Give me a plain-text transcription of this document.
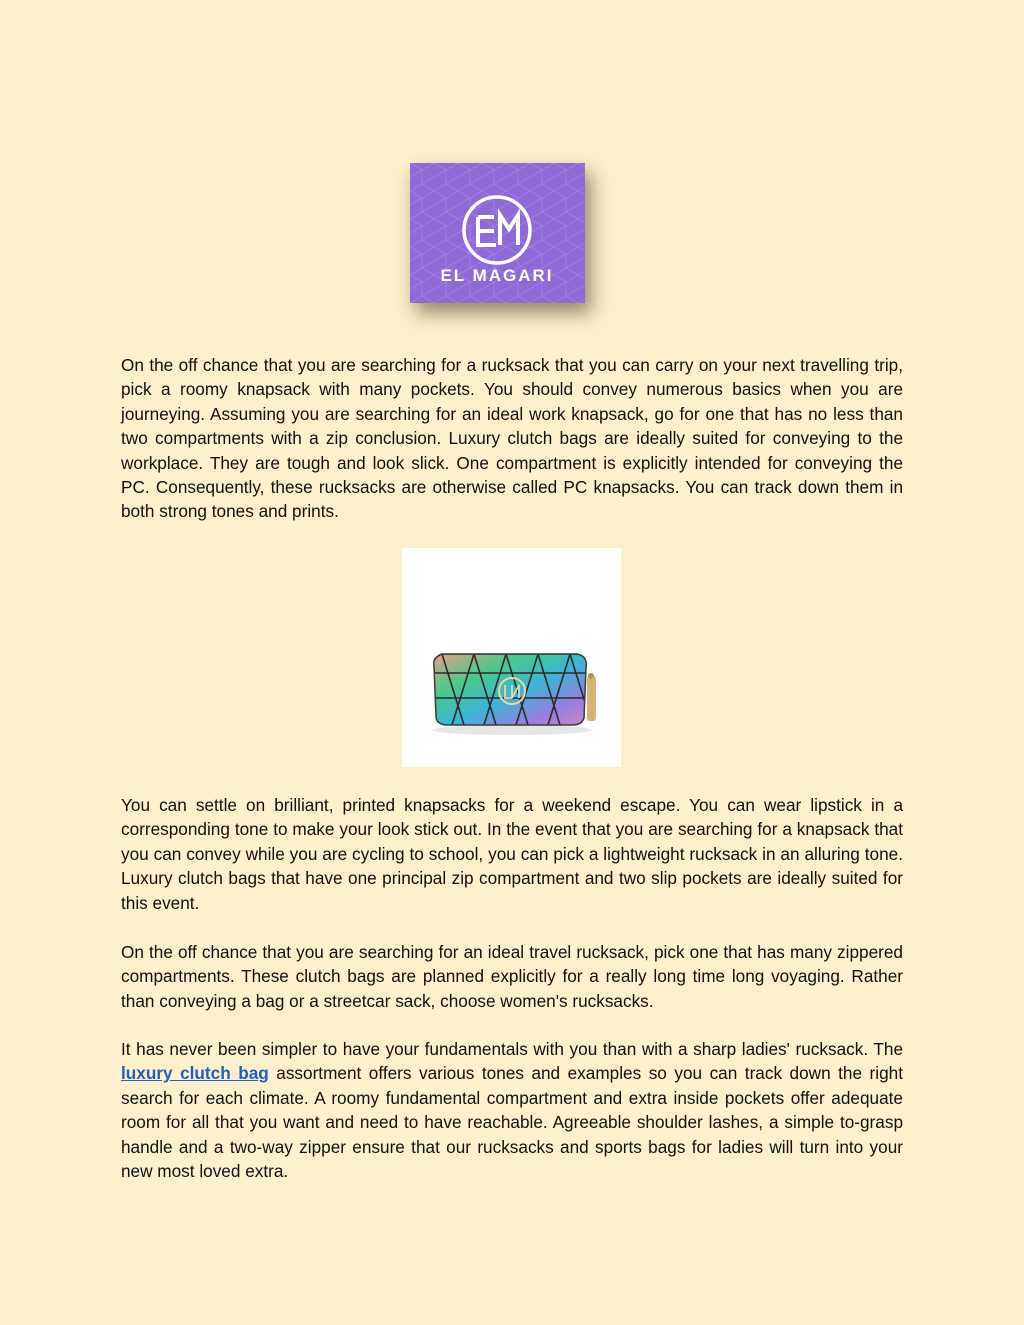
EL MAGARI

On the off chance that you are searching for a rucksack that you can carry on your next travelling trip, pick a roomy knapsack with many pockets. You should convey numerous basics when you are journeying. Assuming you are searching for an ideal work knapsack, go for one that has no less than two compartments with a zip conclusion. Luxury clutch bags are ideally suited for conveying to the workplace. They are tough and look slick. One compartment is explicitly intended for conveying the PC. Consequently, these rucksacks are otherwise called PC knapsacks. You can track down them in both strong tones and prints.

You can settle on brilliant, printed knapsacks for a weekend escape. You can wear lipstick in a corresponding tone to make your look stick out. In the event that you are searching for a knapsack that you can convey while you are cycling to school, you can pick a lightweight rucksack in an alluring tone. Luxury clutch bags that have one principal zip compartment and two slip pockets are ideally suited for this event.

On the off chance that you are searching for an ideal travel rucksack, pick one that has many zippered compartments. These clutch bags are planned explicitly for a really long time long voyaging. Rather than conveying a bag or a streetcar sack, choose women's rucksacks.

It has never been simpler to have your fundamentals with you than with a sharp ladies' rucksack. The luxury clutch bag assortment offers various tones and examples so you can track down the right search for each climate. A roomy fundamental compartment and extra inside pockets offer adequate room for all that you want and need to have reachable. Agreeable shoulder lashes, a simple to-grasp handle and a two-way zipper ensure that our rucksacks and sports bags for ladies will turn into your new most loved extra.
